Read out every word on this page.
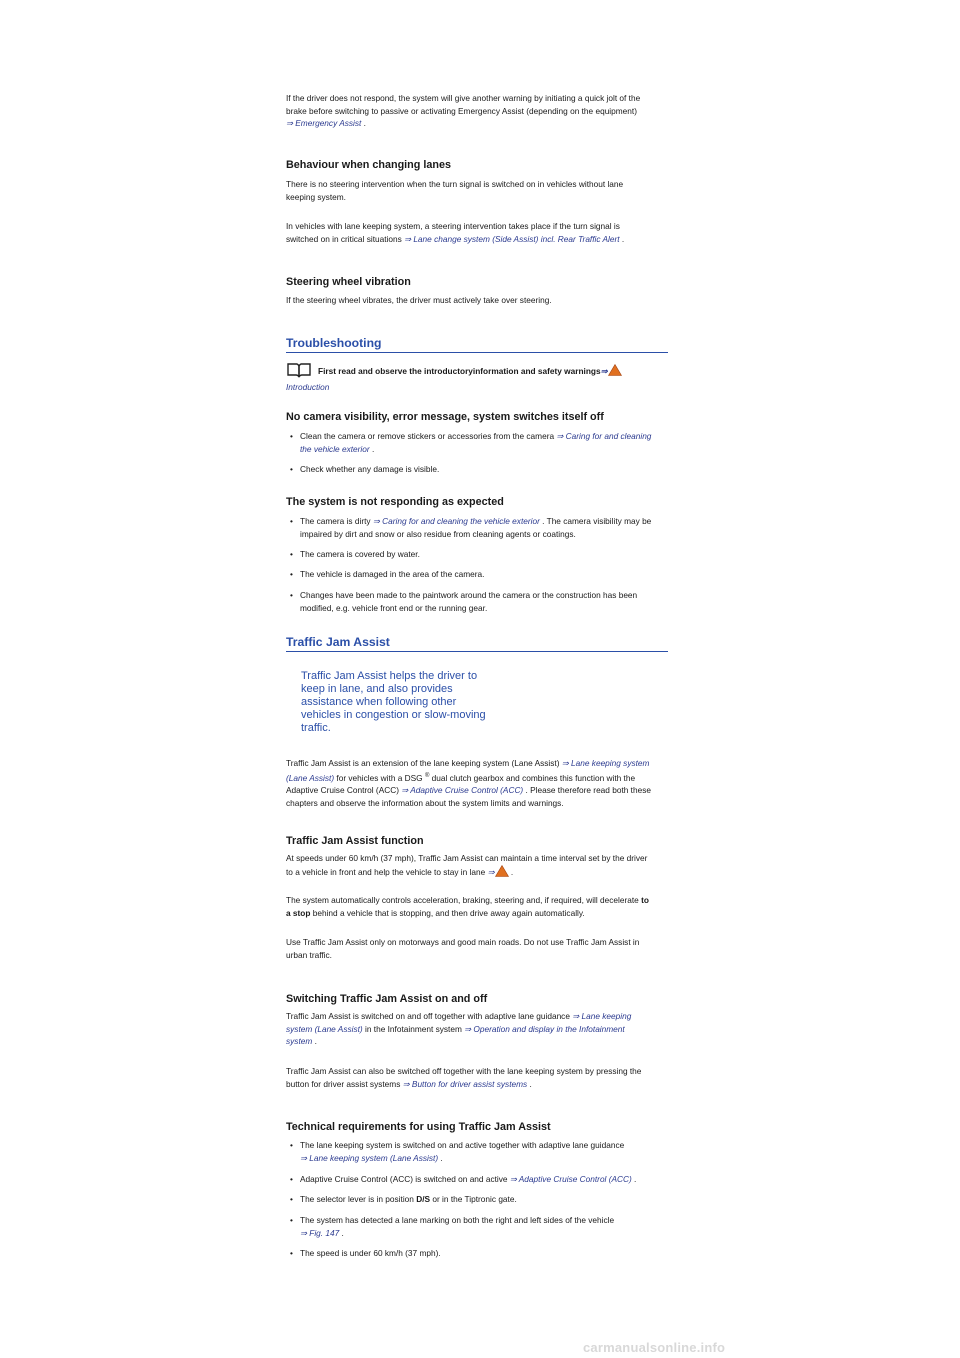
If the driver does not respond, the system will give another warning by initiating a quick jolt of the
brake before switching to passive or activating Emergency Assist (depending on the equipment)
⇒ Emergency Assist .

Behaviour when changing lanes

There is no steering intervention when the turn signal is switched on in vehicles without lane
keeping system.

In vehicles with lane keeping system, a steering intervention takes place if the turn signal is
switched on in critical situations ⇒ Lane change system (Side Assist) incl. Rear Traffic Alert .

Steering wheel vibration

If the steering wheel vibrates, the driver must actively take over steering.

Troubleshooting
First read and observe the introductoryinformation and safety warnings⇒
Introduction
No camera visibility, error message, system switches itself off
• Clean the camera or remove stickers or accessories from the camera ⇒ Caring for and cleaning
the vehicle exterior .
• Check whether any damage is visible.
The system is not responding as expected
• The camera is dirty ⇒ Caring for and cleaning the vehicle exterior . The camera visibility may be
impaired by dirt and snow or also residue from cleaning agents or coatings.
• The camera is covered by water.
• The vehicle is damaged in the area of the camera.
• Changes have been made to the paintwork around the camera or the construction has been
modified, e.g. vehicle front end or the running gear.
Traffic Jam Assist
Traffic Jam Assist helps the driver to
keep in lane, and also provides
assistance when following other
vehicles in congestion or slow-moving
traffic.

Traffic Jam Assist is an extension of the lane keeping system (Lane Assist) ⇒ Lane keeping system
(Lane Assist) for vehicles with a DSG ® dual clutch gearbox and combines this function with the
Adaptive Cruise Control (ACC) ⇒ Adaptive Cruise Control (ACC) . Please therefore read both these
chapters and observe the information about the system limits and warnings.

Traffic Jam Assist function

At speeds under 60 km/h (37 mph), Traffic Jam Assist can maintain a time interval set by the driver
to a vehicle in front and help the vehicle to stay in lane ⇒ .

The system automatically controls acceleration, braking, steering and, if required, will decelerate to
a stop behind a vehicle that is stopping, and then drive away again automatically.

Use Traffic Jam Assist only on motorways and good main roads. Do not use Traffic Jam Assist in
urban traffic.

Switching Traffic Jam Assist on and off

Traffic Jam Assist is switched on and off together with adaptive lane guidance ⇒ Lane keeping
system (Lane Assist) in the Infotainment system ⇒ Operation and display in the Infotainment
system .

Traffic Jam Assist can also be switched off together with the lane keeping system by pressing the
button for driver assist systems ⇒ Button for driver assist systems .

Technical requirements for using Traffic Jam Assist
• The lane keeping system is switched on and active together with adaptive lane guidance
⇒ Lane keeping system (Lane Assist) .
• Adaptive Cruise Control (ACC) is switched on and active ⇒ Adaptive Cruise Control (ACC) .
• The selector lever is in position D/S or in the Tiptronic gate.
• The system has detected a lane marking on both the right and left sides of the vehicle
⇒ Fig. 147 .
• The speed is under 60 km/h (37 mph).
carmanualsonline.info
